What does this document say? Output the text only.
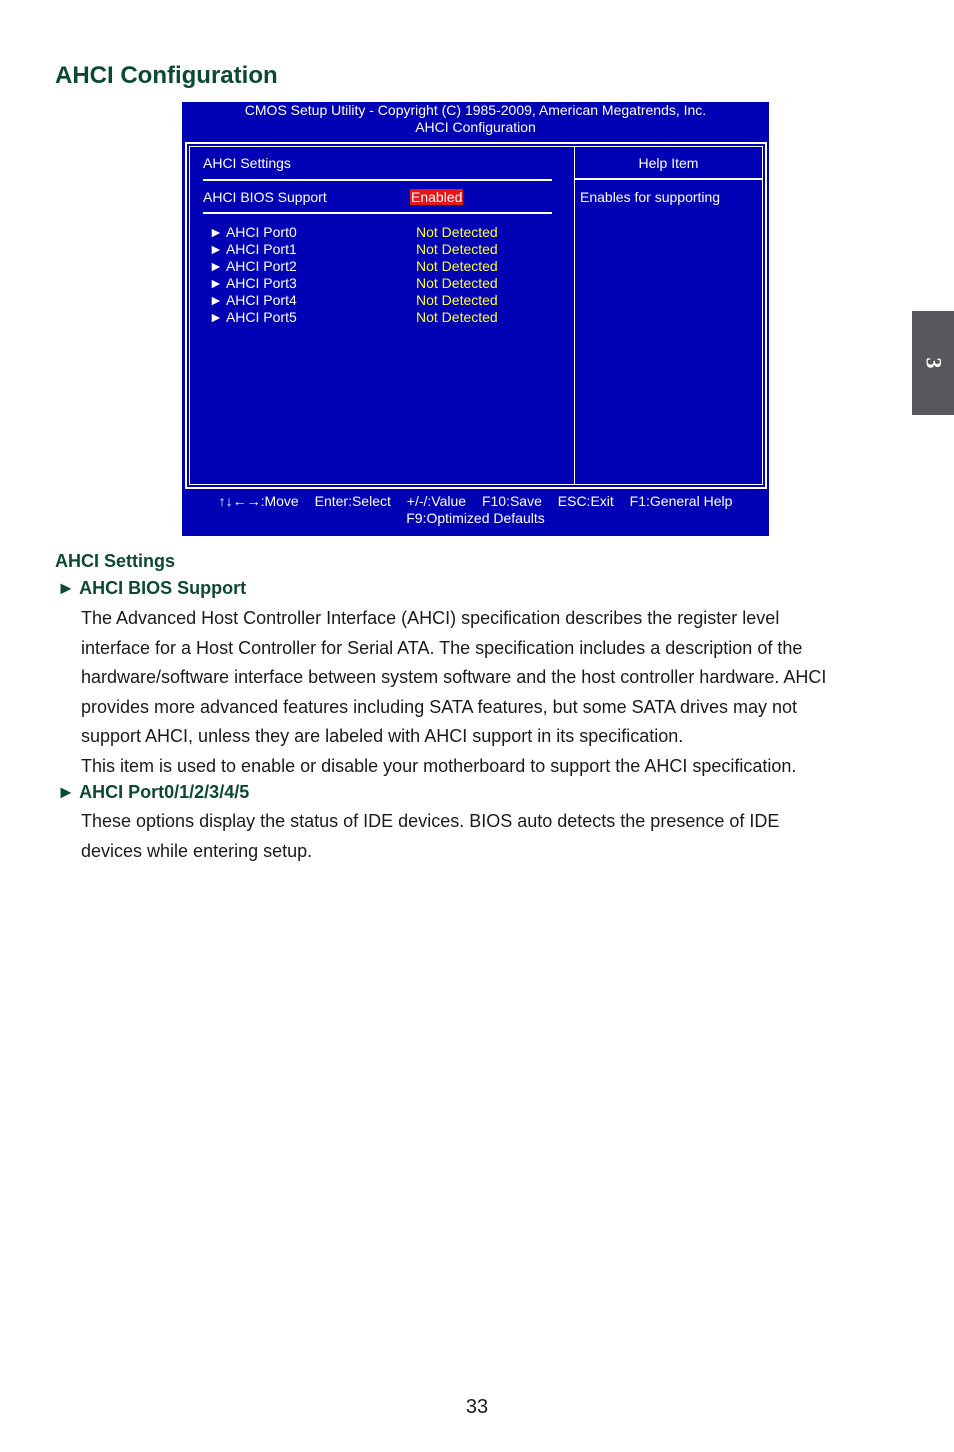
AHCI Configuration
3
CMOS Setup Utility - Copyright (C) 1985-2009, American Megatrends, Inc.
AHCI Configuration
AHCI Settings
AHCI BIOS Support	Enabled
► AHCI Port0	Not Detected
► AHCI Port1	Not Detected
► AHCI Port2	Not Detected
► AHCI Port3	Not Detected
► AHCI Port4	Not Detected
► AHCI Port5	Not Detected
Help Item
Enables for supporting
↑↓←→:Move Enter:Select +/-/:Value F10:Save ESC:Exit F1:General Help
F9:Optimized Defaults
AHCI Settings
► AHCI BIOS Support
The Advanced Host Controller Interface (AHCI) specification describes the register level
interface for a Host Controller for Serial ATA. The specification includes a description of the
hardware/software interface between system software and the host controller hardware. AHCI
provides more advanced features including SATA features, but some SATA drives may not
support AHCI, unless they are labeled with AHCI support in its specification.
This item is used to enable or disable your motherboard to support the AHCI specification.
► AHCI Port0/1/2/3/4/5
These options display the status of IDE devices. BIOS auto detects the presence of IDE
devices while entering setup.
33
